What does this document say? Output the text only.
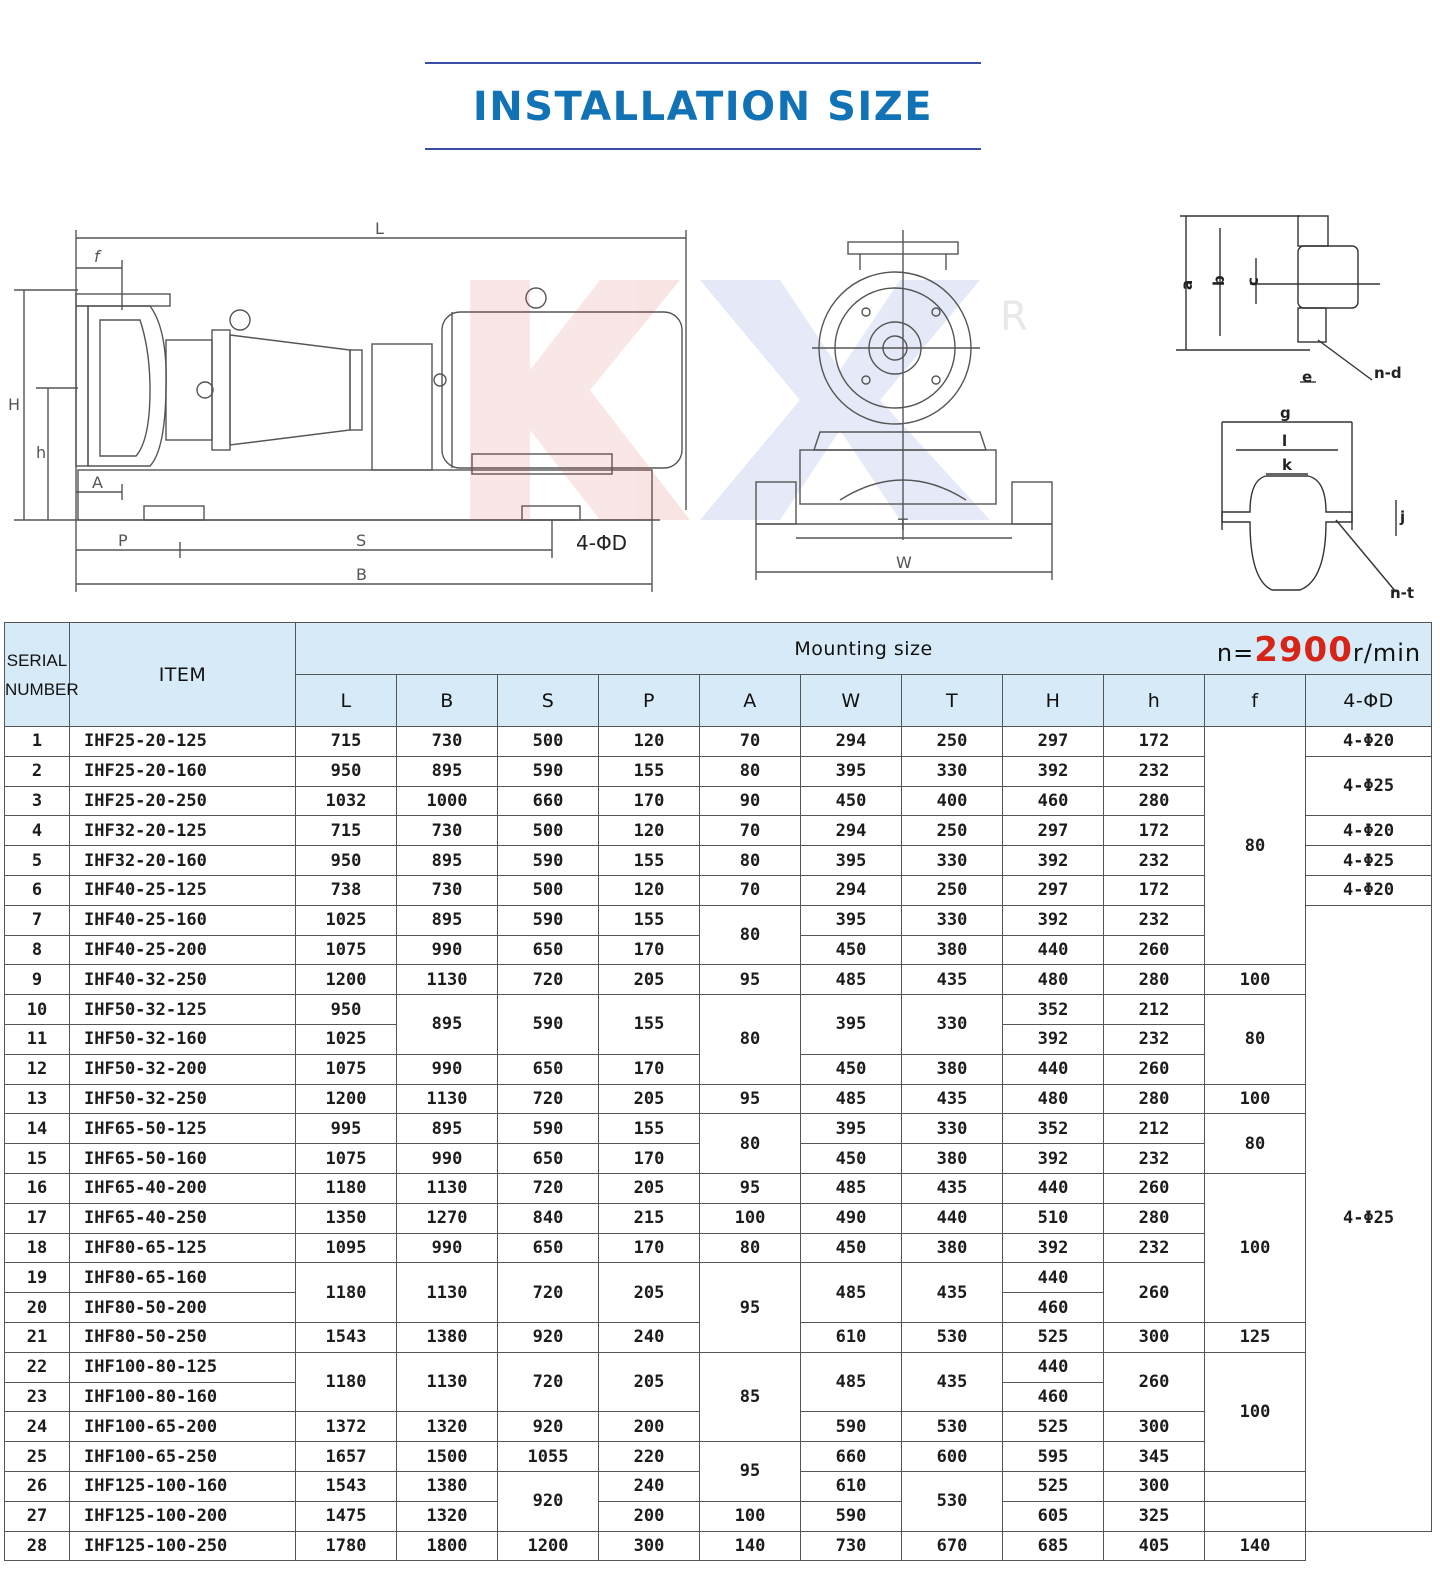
INSTALLATION SIZE
L
f
H
h
A
P	S
B
4-ΦD
R
T
W
a b c
e	n-d
g
l
k
j
n-t
SERIAL
NUMBER	ITEM	Mounting size n=2900r/min										

		L	B	S	P	A	W	T	H	h	f	4-ΦD
1	IHF25-20-125	715	730	500	120	70	294	250	297	172	80	4-Φ20
2	IHF25-20-160	950	895	590	155	80	395	330	392	232		4-Φ25
3	IHF25-20-250	1032	1000	660	170	90	450	400	460	280		
4	IHF32-20-125	715	730	500	120	70	294	250	297	172		4-Φ20
5	IHF32-20-160	950	895	590	155	80	395	330	392	232		4-Φ25
6	IHF40-25-125	738	730	500	120	70	294	250	297	172		4-Φ20
7	IHF40-25-160	1025	895	590	155	80	395	330	392	232		4-Φ25
8	IHF40-25-200	1075	990	650	170		450	380	440	260		
9	IHF40-32-250	1200	1130	720	205	95	485	435	480	280	100	
10	IHF50-32-125	950	895	590	155	80	395	330	352	212	80	
11	IHF50-32-160	1025							392	232		
12	IHF50-32-200	1075	990	650	170		450	380	440	260		
13	IHF50-32-250	1200	1130	720	205	95	485	435	480	280	100	
14	IHF65-50-125	995	895	590	155	80	395	330	352	212	80	
15	IHF65-50-160	1075	990	650	170		450	380	392	232		
16	IHF65-40-200	1180	1130	720	205	95	485	435	440	260	100	
17	IHF65-40-250	1350	1270	840	215	100	490	440	510	280		
18	IHF80-65-125	1095	990	650	170	80	450	380	392	232		
19	IHF80-65-160	1180	1130	720	205	95	485	435	440	260		
20	IHF80-50-200								460			
21	IHF80-50-250	1543	1380	920	240		610	530	525	300	125	
22	IHF100-80-125	1180	1130	720	205	85	485	435	440	260	100	
23	IHF100-80-160								460			
24	IHF100-65-200	1372	1320	920	200		590	530	525	300		
25	IHF100-65-250	1657	1500	1055	220	95	660	600	595	345		
26	IHF125-100-160	1543	1380	920	240		610	530	525	300		
27	IHF125-100-200	1475	1320		200	100	590		605	325		
28	IHF125-100-250	1780	1800	1200	300	140	730	670	685	405	140	
